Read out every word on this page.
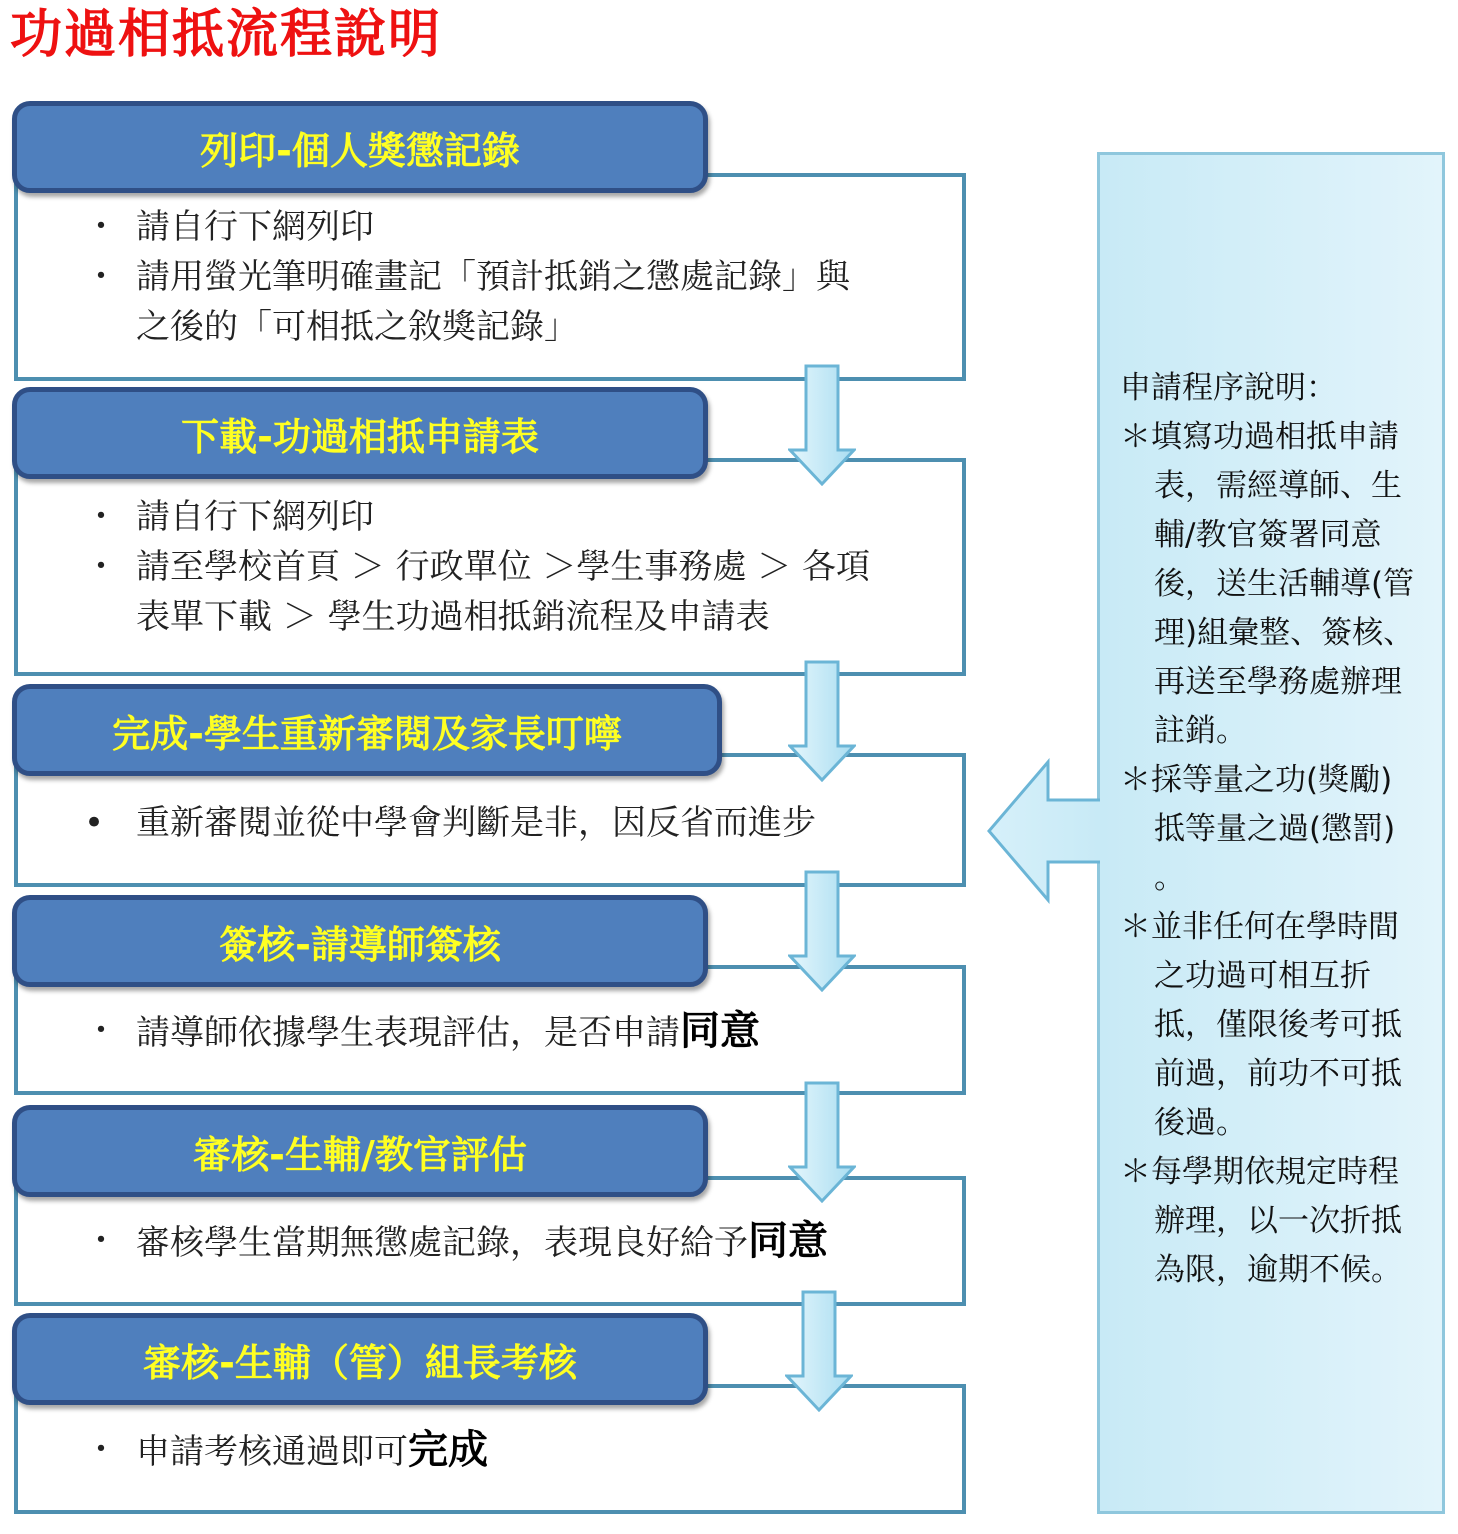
功過相抵流程說明
列印-個人獎懲記錄
・ 請自行下網列印
・ 請用螢光筆明確畫記「預計抵銷之懲處記錄」與
之後的「可相抵之敘獎記錄」
下載-功過相抵申請表
・ 請自行下網列印
・ 請至學校首頁 ＞ 行政單位 ＞學生事務處 ＞ 各項
表單下載 ＞ 學生功過相抵銷流程及申請表
完成-學生重新審閱及家長叮嚀
• 重新審閱並從中學會判斷是非，因反省而進步
簽核-請導師簽核
・ 請導師依據學生表現評估，是否申請同意
審核-生輔/教官評估
・ 審核學生當期無懲處記錄，表現良好給予同意
審核-生輔（管）組長考核
・ 申請考核通過即可完成
申請程序說明：
＊填寫功過相抵申請
表，需經導師、生
輔/教官簽署同意
後，送生活輔導(管
理)組彙整、簽核、
再送至學務處辦理
註銷。
＊採等量之功(獎勵)
抵等量之過(懲罰)
。
＊並非任何在學時間
之功過可相互折
抵，僅限後考可抵
前過，前功不可抵
後過。
＊每學期依規定時程
辦理，以一次折抵
為限，逾期不候。
